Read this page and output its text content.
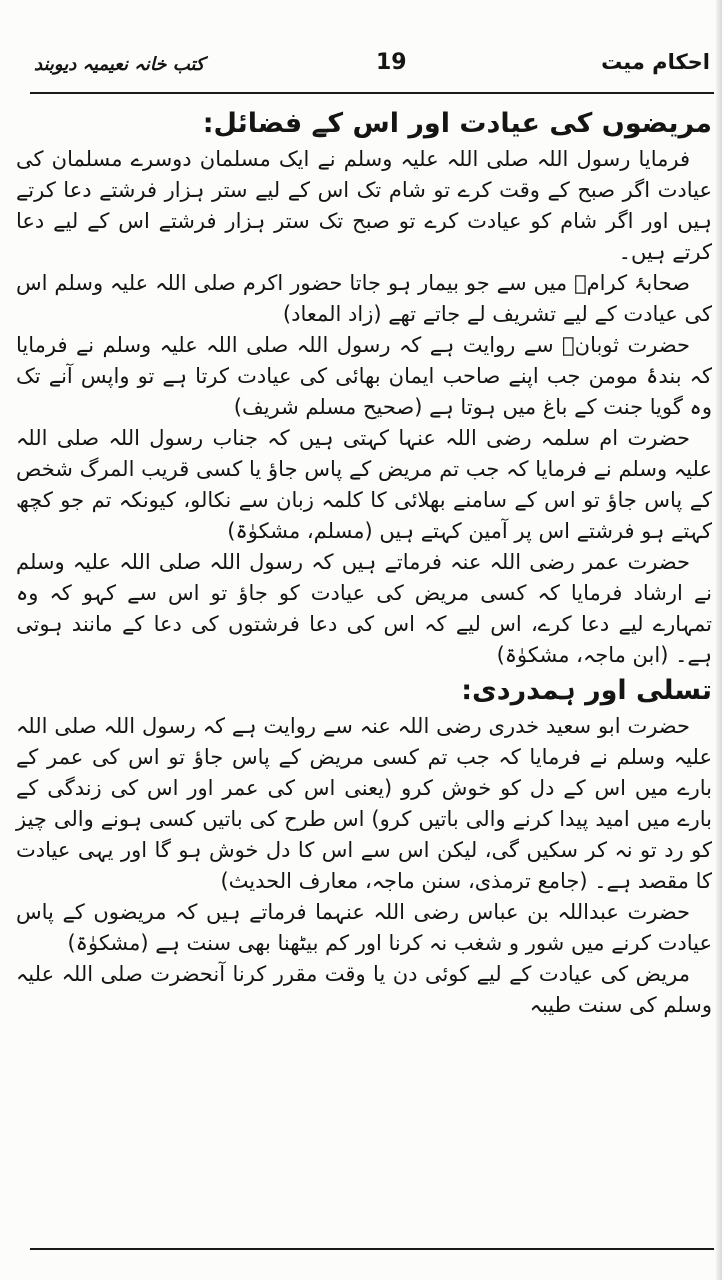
احکام میت
19
کتب خانہ نعیمیہ دیوبند
مریضوں کی عیادت اور اس کے فضائل:

فرمایا رسول اللہ صلی اللہ علیہ وسلم نے ایک مسلمان دوسرے مسلمان کی عیادت اگر صبح کے وقت کرے تو شام تک اس کے لیے ستر ہزار فرشتے دعا کرتے ہیں اور اگر شام کو عیادت کرے تو صبح تک ستر ہزار فرشتے اس کے لیے دعا کرتے ہیں۔

صحابۂ کرامؓ میں سے جو بیمار ہو جاتا حضور اکرم صلی اللہ علیہ وسلم اس کی عیادت کے لیے تشریف لے جاتے تھے (زاد المعاد)

حضرت ثوبانؓ سے روایت ہے کہ رسول اللہ صلی اللہ علیہ وسلم نے فرمایا کہ بندۂ مومن جب اپنے صاحب ایمان بھائی کی عیادت کرتا ہے تو واپس آنے تک وہ گویا جنت کے باغ میں ہوتا ہے (صحیح مسلم شریف)

حضرت ام سلمہ رضی اللہ عنہا کہتی ہیں کہ جناب رسول اللہ صلی اللہ علیہ وسلم نے فرمایا کہ جب تم مریض کے پاس جاؤ یا کسی قریب المرگ شخص کے پاس جاؤ تو اس کے سامنے بھلائی کا کلمہ زبان سے نکالو، کیونکہ تم جو کچھ کہتے ہو فرشتے اس پر آمین کہتے ہیں (مسلم، مشکوٰۃ)

حضرت عمر رضی اللہ عنہ فرماتے ہیں کہ رسول اللہ صلی اللہ علیہ وسلم نے ارشاد فرمایا کہ کسی مریض کی عیادت کو جاؤ تو اس سے کہو کہ وہ تمہارے لیے دعا کرے، اس لیے کہ اس کی دعا فرشتوں کی دعا کے مانند ہوتی ہے۔ (ابن ماجہ، مشکوٰۃ)

تسلی اور ہمدردی:

حضرت ابو سعید خدری رضی اللہ عنہ سے روایت ہے کہ رسول اللہ صلی اللہ علیہ وسلم نے فرمایا کہ جب تم کسی مریض کے پاس جاؤ تو اس کی عمر کے بارے میں اس کے دل کو خوش کرو (یعنی اس کی عمر اور اس کی زندگی کے بارے میں امید پیدا کرنے والی باتیں کرو) اس طرح کی باتیں کسی ہونے والی چیز کو رد تو نہ کر سکیں گی، لیکن اس سے اس کا دل خوش ہو گا اور یہی عیادت کا مقصد ہے۔ (جامع ترمذی، سنن ماجہ، معارف الحدیث)

حضرت عبداللہ بن عباس رضی اللہ عنہما فرماتے ہیں کہ مریضوں کے پاس عیادت کرنے میں شور و شغب نہ کرنا اور کم بیٹھنا بھی سنت ہے (مشکوٰۃ)

مریض کی عیادت کے لیے کوئی دن یا وقت مقرر کرنا آنحضرت صلی اللہ علیہ وسلم کی سنت طیبہ
